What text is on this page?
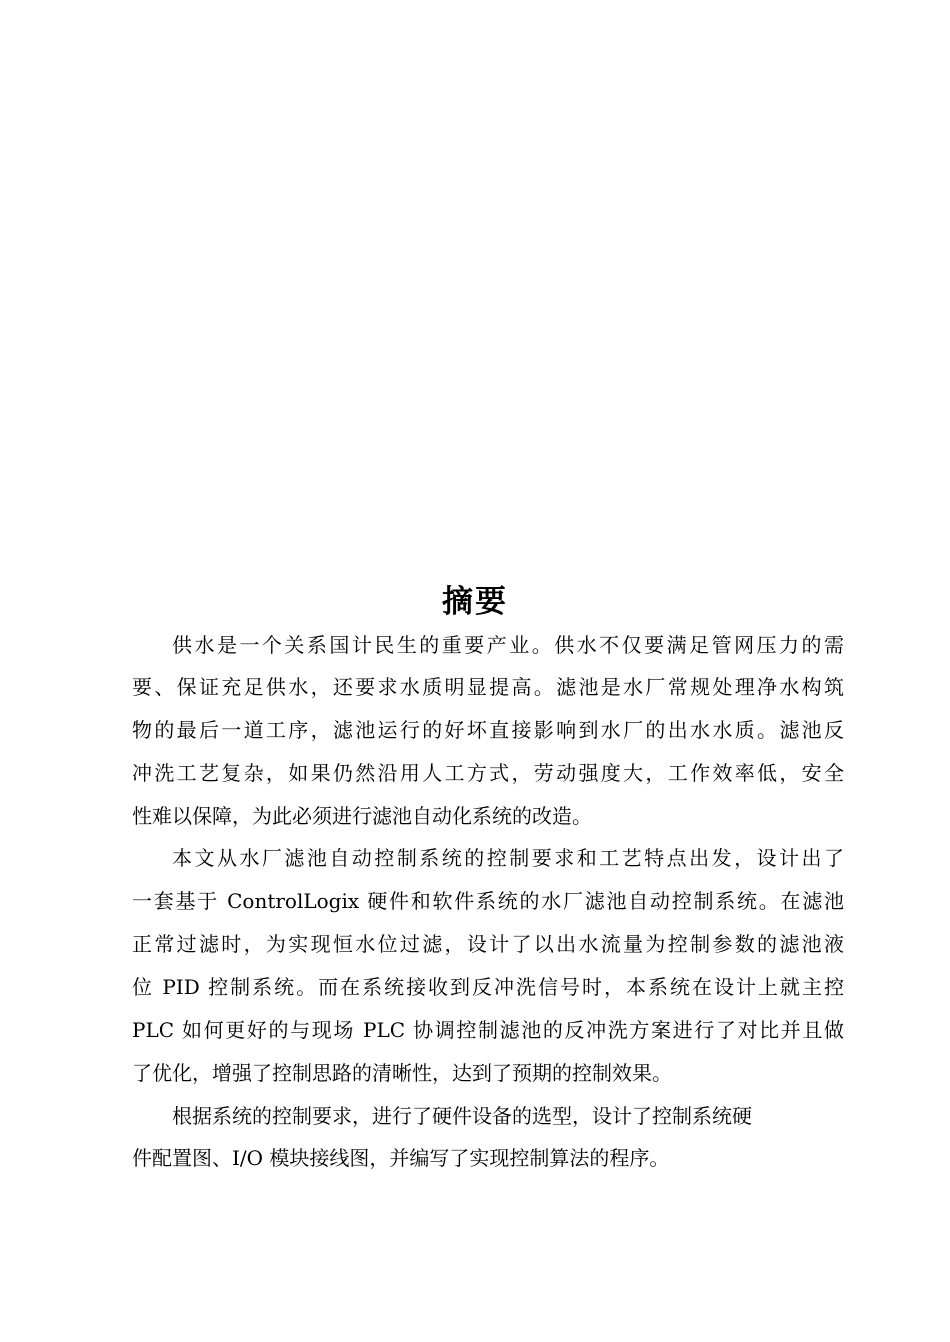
摘要
供水是一个关系国计民生的重要产业。供水不仅要满足管网压力的需
要、保证充足供水，还要求水质明显提高。滤池是水厂常规处理净水构筑
物的最后一道工序，滤池运行的好坏直接影响到水厂的出水水质。滤池反
冲洗工艺复杂，如果仍然沿用人工方式，劳动强度大，工作效率低，安全
性难以保障，为此必须进行滤池自动化系统的改造。
本文从水厂滤池自动控制系统的控制要求和工艺特点出发，设计出了
一套基于 ControlLogix 硬件和软件系统的水厂滤池自动控制系统。在滤池
正常过滤时，为实现恒水位过滤，设计了以出水流量为控制参数的滤池液
位 PID 控制系统。而在系统接收到反冲洗信号时，本系统在设计上就主控
PLC 如何更好的与现场 PLC 协调控制滤池的反冲洗方案进行了对比并且做
了优化，增强了控制思路的清晰性，达到了预期的控制效果。
根据系统的控制要求，进行了硬件设备的选型，设计了控制系统硬
件配置图、I/O 模块接线图，并编写了实现控制算法的程序。
